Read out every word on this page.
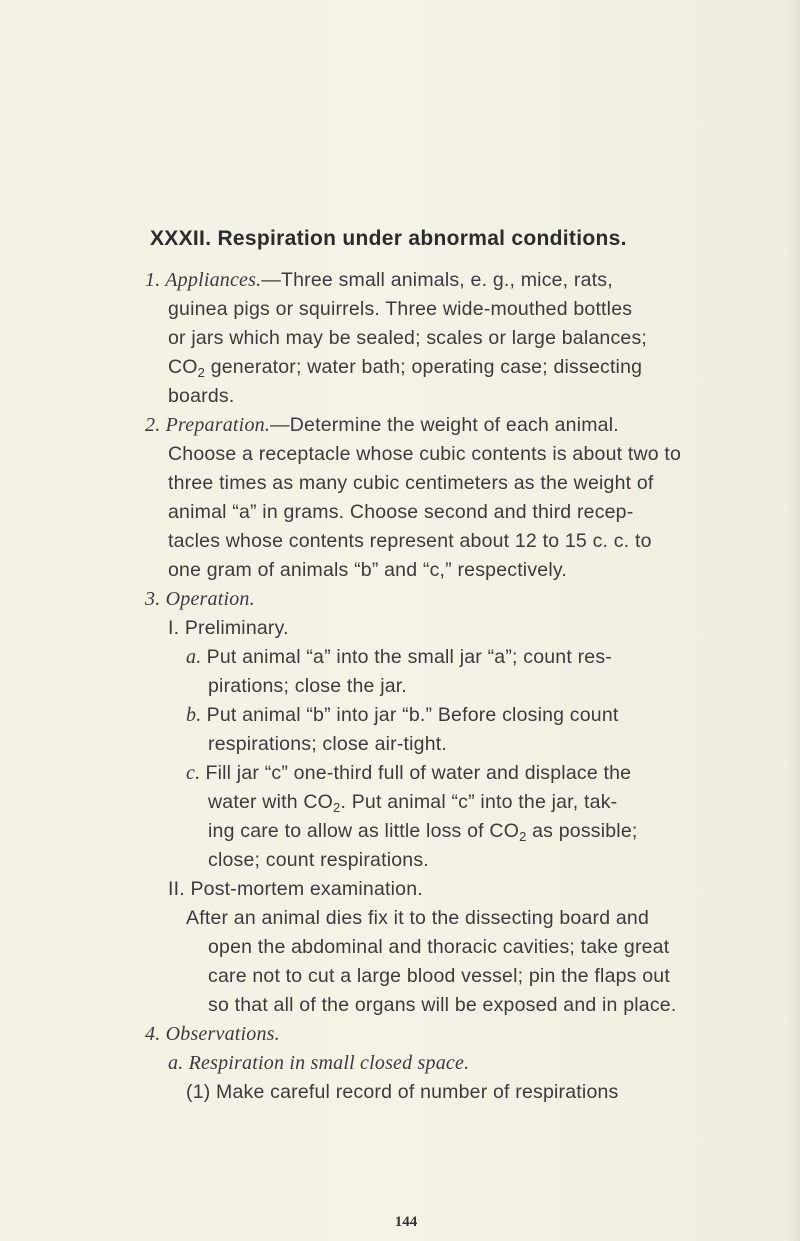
XXXII. Respiration under abnormal conditions.
1. Appliances.—Three small animals, e. g., mice, rats,
guinea pigs or squirrels. Three wide-mouthed bottles
or jars which may be sealed; scales or large balances;
$CO_2$ generator; water bath; operating case; dissecting
boards.
2. Preparation.—Determine the weight of each animal.
Choose a receptacle whose cubic contents is about two to
three times as many cubic centimeters as the weight of
animal “a” in grams. Choose second and third recep-
tacles whose contents represent about 12 to 15 c. c. to
one gram of animals “b” and “c,” respectively.
3. Operation.
I. Preliminary.
a. Put animal “a” into the small jar “a”; count res-
pirations; close the jar.
b. Put animal “b” into jar “b.” Before closing count
respirations; close air-tight.
c. Fill jar “c” one-third full of water and displace the
water with $CO_2$. Put animal “c” into the jar, tak-
ing care to allow as little loss of $CO_2$ as possible;
close; count respirations.
II. Post-mortem examination.
After an animal dies fix it to the dissecting board and
open the abdominal and thoracic cavities; take great
care not to cut a large blood vessel; pin the flaps out
so that all of the organs will be exposed and in place.
4. Observations.
a. Respiration in small closed space.
(1) Make careful record of number of respirations
144
